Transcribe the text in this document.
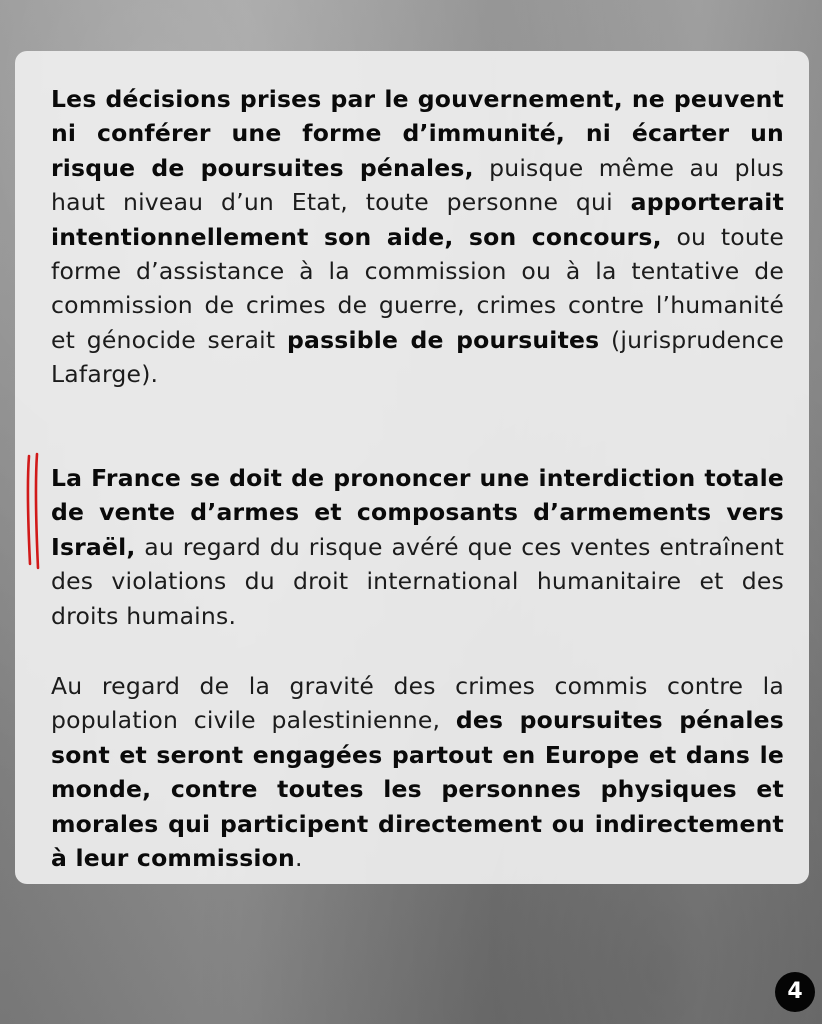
Les décisions prises par le gouvernement, ne peuvent ni conférer une forme d’immunité, ni écarter un risque de poursuites pénales, puisque même au plus haut niveau d’un Etat, toute personne qui apporterait intentionnellement son aide, son concours, ou toute forme d’assistance à la commission ou à la tentative de commission de crimes de guerre, crimes contre l’humanité et génocide serait passible de poursuites (jurisprudence Lafarge).

La France se doit de prononcer une interdiction totale de vente d’armes et composants d’armements vers Israël, au regard du risque avéré que ces ventes entraînent des violations du droit international humanitaire et des droits humains.

Au regard de la gravité des crimes commis contre la population civile palestinienne, des poursuites pénales sont et seront engagées partout en Europe et dans le monde, contre toutes les personnes physiques et morales qui participent directement ou indirectement à leur commission.

4
